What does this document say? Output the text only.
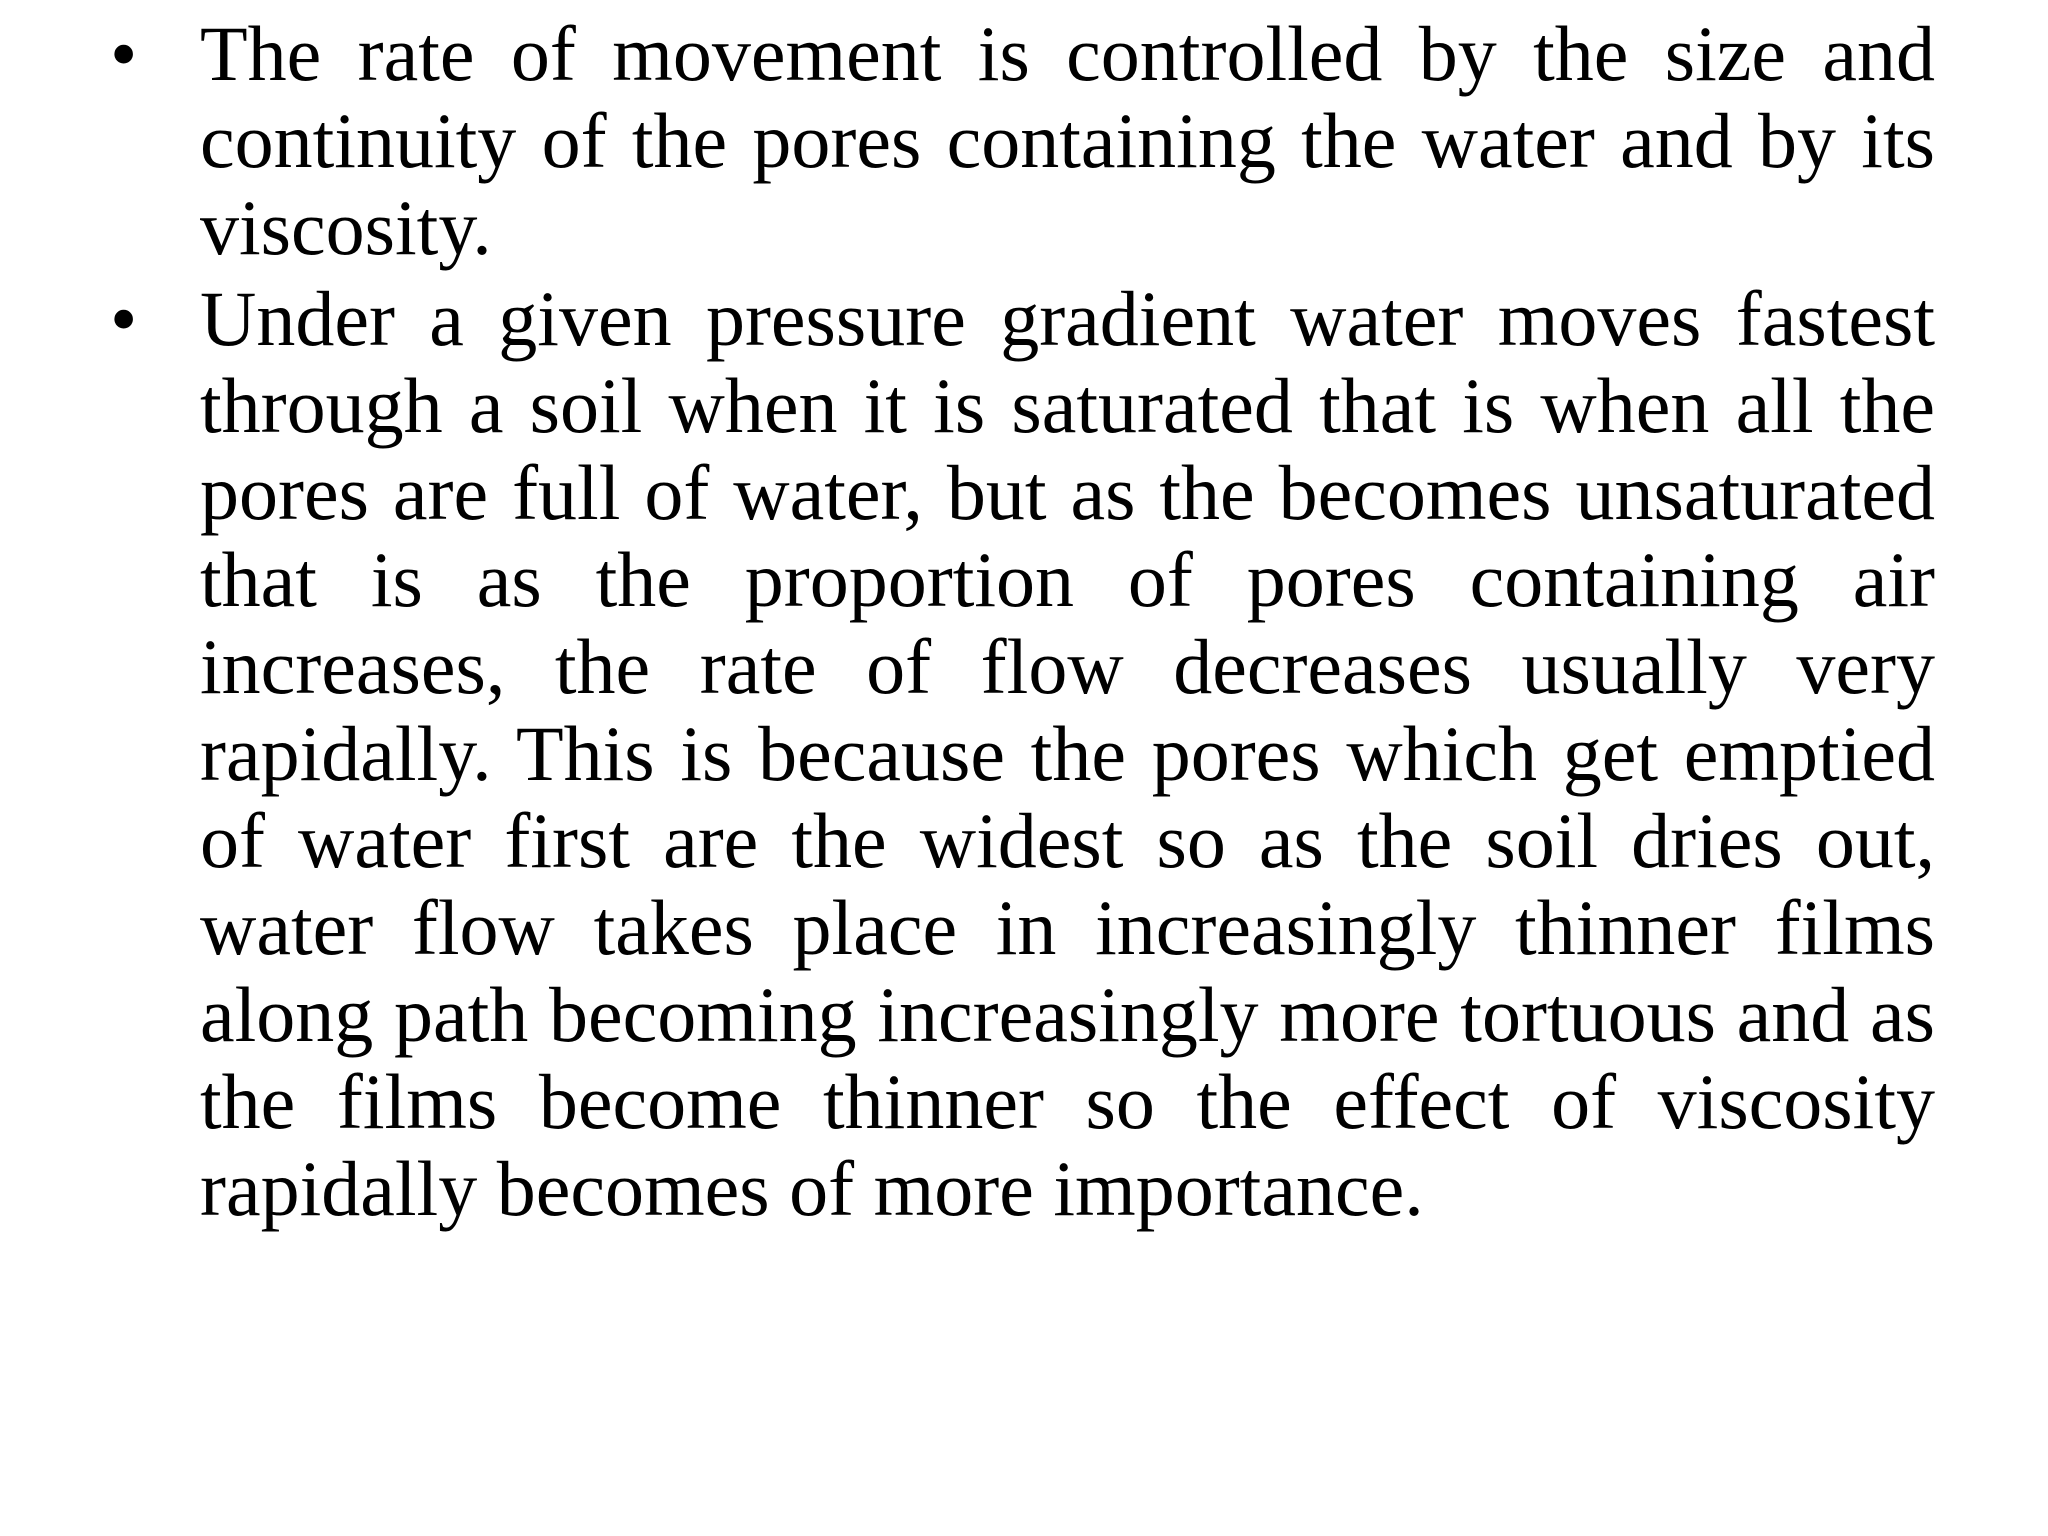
• The rate of movement is controlled by the size and continuity of the pores containing the water and by its viscosity.
• Under a given pressure gradient water moves fastest through a soil when it is saturated that is when all the pores are full of water, but as the becomes unsaturated that is as the proportion of pores containing air increases, the rate of flow decreases usually very rapidally. This is because the pores which get emptied of water first are the widest so as the soil dries out, water flow takes place in increasingly thinner films along path becoming increasingly more tortuous and as the films become thinner so the effect of viscosity rapidally becomes of more importance.
